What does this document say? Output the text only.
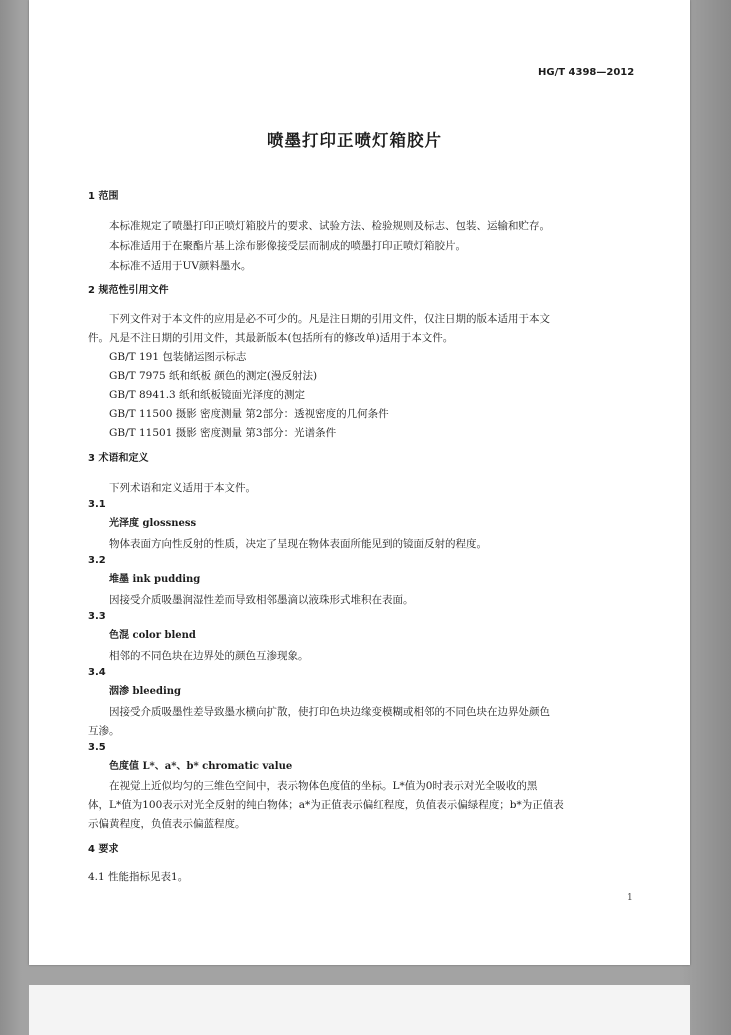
HG/T 4398—2012
喷墨打印正喷灯箱胶片
1 范围
本标准规定了喷墨打印正喷灯箱胶片的要求、试验方法、检验规则及标志、包装、运输和贮存。
本标准适用于在聚酯片基上涂布影像接受层而制成的喷墨打印正喷灯箱胶片。
本标准不适用于UV颜料墨水。
2 规范性引用文件
下列文件对于本文件的应用是必不可少的。凡是注日期的引用文件，仅注日期的版本适用于本文
件。凡是不注日期的引用文件，其最新版本(包括所有的修改单)适用于本文件。
GB/T 191 包装储运图示标志
GB/T 7975 纸和纸板 颜色的测定(漫反射法)
GB/T 8941.3 纸和纸板镜面光泽度的测定
GB/T 11500 摄影 密度测量 第2部分：透视密度的几何条件
GB/T 11501 摄影 密度测量 第3部分：光谱条件
3 术语和定义
下列术语和定义适用于本文件。
3.1
光泽度 glossness
物体表面方向性反射的性质，决定了呈现在物体表面所能见到的镜面反射的程度。
3.2
堆墨 ink pudding
因接受介质吸墨润湿性差而导致相邻墨滴以液珠形式堆积在表面。
3.3
色混 color blend
相邻的不同色块在边界处的颜色互渗现象。
3.4
洇渗 bleeding
因接受介质吸墨性差导致墨水横向扩散，使打印色块边缘变模糊或相邻的不同色块在边界处颜色
互渗。
3.5
色度值 L*、a*、b* chromatic value
在视觉上近似均匀的三维色空间中，表示物体色度值的坐标。L*值为0时表示对光全吸收的黑
体，L*值为100表示对光全反射的纯白物体；a*为正值表示偏红程度，负值表示偏绿程度；b*为正值表
示偏黄程度，负值表示偏蓝程度。
4 要求
4.1 性能指标见表1。
1
